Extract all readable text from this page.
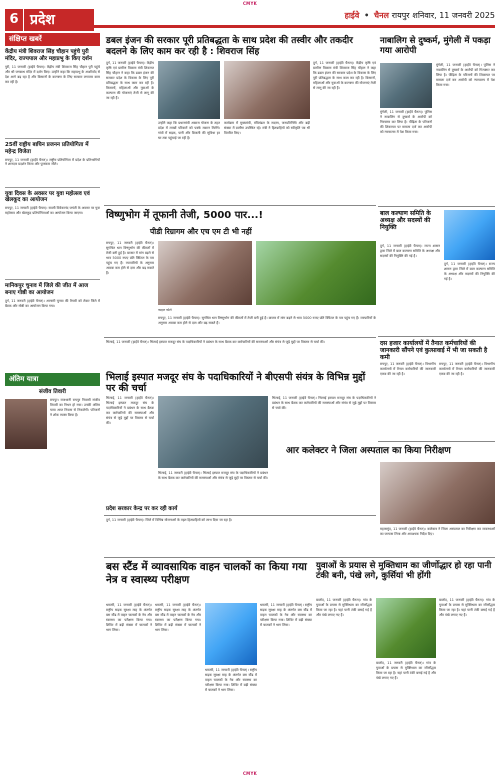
CMYK
6 प्रदेश	हाईवे • चैनल रायपुर शनिवार, 11 जनवरी 2025
संक्षिप्त खबरें
केंद्रीय मंत्री शिवराज सिंह चौहान पहुंचे पुरी मंदिर, राज्यपाल और महाप्रभु के किए दर्शन
पुरी, 11 जनवरी (हाईवे चैनल)। केंद्रीय मंत्री शिवराज सिंह चौहान पुरी पहुंचे और श्री जगन्नाथ मंदिर में दर्शन किए। उन्होंने कहा कि महाप्रभु के आशीर्वाद से देश आगे बढ़ रहा है और किसानों के कल्याण के लिए सरकार लगातार काम कर रही है।
25वीं राष्ट्रीय बाघिन प्रजनन प्रतियोगिता में महेन्द्र विजेता
रायपुर, 11 जनवरी (हाईवे चैनल)। राष्ट्रीय प्रतियोगिता में प्रदेश के प्रतिभागियों ने शानदार प्रदर्शन किया और पुरस्कार जीते।
युवा दिवस के अवसर पर युवा महोत्सव एवं खेलकूद का आयोजन
रायपुर, 11 जनवरी (हाईवे चैनल)। स्वामी विवेकानंद जयंती के अवसर पर युवा महोत्सव और खेलकूद प्रतियोगिताओं का आयोजन किया जाएगा।
मानिकपुर चुनाव में जिले की जीत में आज बनाए गोष्ठी का आयोजन
दुर्ग, 11 जनवरी (हाईवे चैनल)। आगामी चुनाव की तैयारी को लेकर जिले में बैठक और गोष्ठी का आयोजन किया गया।
अंतिम यात्रा
संजीव तिवारी
रायपुर। राजधानी रायपुर निवासी संजीव तिवारी का निधन हो गया। उनकी अंतिम यात्रा आज निवास से निकलेगी। परिजनों ने शोक व्यक्त किया है।
डबल इंजन की सरकार पूरी प्रतिबद्धता के साथ प्रदेश की तस्वीर और तकदीर बदलने के लिए काम कर रही है : शिवराज सिंह
दुर्ग, 11 जनवरी (हाईवे चैनल)। केंद्रीय कृषि एवं ग्रामीण विकास मंत्री शिवराज सिंह चौहान ने कहा कि डबल इंजन की सरकार प्रदेश के विकास के लिए पूरी प्रतिबद्धता के साथ काम कर रही है। किसानों, महिलाओं और युवाओं के कल्याण की योजनाएं तेजी से लागू की जा रही हैं।
उन्होंने कहा कि प्रधानमंत्री आवास योजना के तहत प्रदेश में लाखों परिवारों को पक्के मकान मिलेंगे। गांवों में सड़क, पानी और बिजली की सुविधा हर घर तक पहुंचाई जा रही है।
कार्यक्रम में मुख्यमंत्री, मंत्रिमंडल के सदस्य, जनप्रतिनिधि और बड़ी संख्या में ग्रामीण उपस्थित रहे। मंत्री ने हितग्राहियों को स्वीकृति पत्र भी वितरित किए।
दुर्ग, 11 जनवरी (हाईवे चैनल)। केंद्रीय कृषि एवं ग्रामीण विकास मंत्री शिवराज सिंह चौहान ने कहा कि डबल इंजन की सरकार प्रदेश के विकास के लिए पूरी प्रतिबद्धता के साथ काम कर रही है। किसानों, महिलाओं और युवाओं के कल्याण की योजनाएं तेजी से लागू की जा रही हैं।
नाबालिग से दुष्कर्म, मुंगेली में पकड़ा गया आरोपी
मुंगेली, 11 जनवरी (हाईवे चैनल)। पुलिस ने नाबालिग से दुष्कर्म के आरोपी को गिरफ्तार कर लिया है। पीड़िता के परिजनों की शिकायत पर मामला दर्ज कर आरोपी को न्यायालय में पेश किया गया।
मुंगेली, 11 जनवरी (हाईवे चैनल)। पुलिस ने नाबालिग से दुष्कर्म के आरोपी को गिरफ्तार कर लिया है। पीड़िता के परिजनों की शिकायत पर मामला दर्ज कर आरोपी को न्यायालय में पेश किया गया।
विष्णुभोग में तूफानी तेजी, 5000 पार...!
पीडी रिग्रागम और एच एम टी भी नहीं
रायपुर, 11 जनवरी (हाईवे चैनल)। सुगंधित धान विष्णुभोग की कीमतों में तेजी बनी हुई है। बाजार में मांग बढ़ने से भाव 5000 रुपए प्रति क्विंटल के पार पहुंच गए हैं। व्यापारियों के अनुसार आवक कम होने से दाम और बढ़ सकते हैं।
फाइल फोटो
रायपुर, 11 जनवरी (हाईवे चैनल)। सुगंधित धान विष्णुभोग की कीमतों में तेजी बनी हुई है। बाजार में मांग बढ़ने से भाव 5000 रुपए प्रति क्विंटल के पार पहुंच गए हैं। व्यापारियों के अनुसार आवक कम होने से दाम और बढ़ सकते हैं।
बाल कल्याण समिति के अध्यक्ष और सदस्यों की नियुक्ति
दुर्ग, 11 जनवरी (हाईवे चैनल)। राज्य शासन द्वारा जिले में बाल कल्याण समिति के अध्यक्ष और सदस्यों की नियुक्ति की गई है।
दुर्ग, 11 जनवरी (हाईवे चैनल)। राज्य शासन द्वारा जिले में बाल कल्याण समिति के अध्यक्ष और सदस्यों की नियुक्ति की गई है।
दस हजार कार्यालयों में तैनात कर्मचारियों की जानकारी सौंपने एवं कुत्सावाई में भी जा सकती है कमी
रायपुर, 11 जनवरी (हाईवे चैनल)। विभागीय कार्यालयों में तैनात कर्मचारियों की जानकारी एकत्र की जा रही है।
रायपुर, 11 जनवरी (हाईवे चैनल)। विभागीय कार्यालयों में तैनात कर्मचारियों की जानकारी एकत्र की जा रही है।
भिलाई, 11 जनवरी (हाईवे चैनल)। भिलाई इस्पात मजदूर संघ के पदाधिकारियों ने प्रबंधन के साथ बैठक कर कर्मचारियों की समस्याओं और संयंत्र से जुड़े मुद्दों पर विस्तार से चर्चा की।
भिलाई इस्पात मजदूर संघ के पदाधिकारियों ने बीएसपी संयंत्र के विभिन्न मुद्दों पर की चर्चा
भिलाई, 11 जनवरी (हाईवे चैनल)। भिलाई इस्पात मजदूर संघ के पदाधिकारियों ने प्रबंधन के साथ बैठक कर कर्मचारियों की समस्याओं और संयंत्र से जुड़े मुद्दों पर विस्तार से चर्चा की।
भिलाई, 11 जनवरी (हाईवे चैनल)। भिलाई इस्पात मजदूर संघ के पदाधिकारियों ने प्रबंधन के साथ बैठक कर कर्मचारियों की समस्याओं और संयंत्र से जुड़े मुद्दों पर विस्तार से चर्चा की।
भिलाई, 11 जनवरी (हाईवे चैनल)। भिलाई इस्पात मजदूर संघ के पदाधिकारियों ने प्रबंधन के साथ बैठक कर कर्मचारियों की समस्याओं और संयंत्र से जुड़े मुद्दों पर विस्तार से चर्चा की।
प्रदेश सरकार केन्द्र पर कर रही कार्य
आर कलेक्टर ने जिला अस्पताल का किया निरीक्षण
महासमुंद, 11 जनवरी (हाईवे चैनल)। कलेक्टर ने जिला अस्पताल का निरीक्षण कर व्यवस्थाओं का जायजा लिया और आवश्यक निर्देश दिए।
दुर्ग, 11 जनवरी (हाईवे चैनल)। जिले में विभिन्न योजनाओं के तहत हितग्राहियों को लाभ दिया जा रहा है।
बस स्टैंड में व्यावसायिक वाहन चालकों का किया गया नेत्र व स्वास्थ्य परीक्षण
धमतरी, 11 जनवरी (हाईवे चैनल)। राष्ट्रीय सड़क सुरक्षा माह के अंतर्गत बस स्टैंड में वाहन चालकों के नेत्र और स्वास्थ्य का परीक्षण किया गया। शिविर में बड़ी संख्या में चालकों ने भाग लिया।
धमतरी, 11 जनवरी (हाईवे चैनल)। राष्ट्रीय सड़क सुरक्षा माह के अंतर्गत बस स्टैंड में वाहन चालकों के नेत्र और स्वास्थ्य का परीक्षण किया गया। शिविर में बड़ी संख्या में चालकों ने भाग लिया।
धमतरी, 11 जनवरी (हाईवे चैनल)। राष्ट्रीय सड़क सुरक्षा माह के अंतर्गत बस स्टैंड में वाहन चालकों के नेत्र और स्वास्थ्य का परीक्षण किया गया। शिविर में बड़ी संख्या में चालकों ने भाग लिया।
धमतरी, 11 जनवरी (हाईवे चैनल)। राष्ट्रीय सड़क सुरक्षा माह के अंतर्गत बस स्टैंड में वाहन चालकों के नेत्र और स्वास्थ्य का परीक्षण किया गया। शिविर में बड़ी संख्या में चालकों ने भाग लिया।
युवाओं के प्रयास से मुक्तिधाम का जीर्णोद्धार हो रहा पानी टंकी बनी, पंखे लगे, कुर्सियां भी होंगी
बालोद, 11 जनवरी (हाईवे चैनल)। गांव के युवाओं के प्रयास से मुक्तिधाम का जीर्णोद्धार किया जा रहा है। यहां पानी टंकी बनाई गई है और पंखे लगाए गए हैं।
बालोद, 11 जनवरी (हाईवे चैनल)। गांव के युवाओं के प्रयास से मुक्तिधाम का जीर्णोद्धार किया जा रहा है। यहां पानी टंकी बनाई गई है और पंखे लगाए गए हैं।
बालोद, 11 जनवरी (हाईवे चैनल)। गांव के युवाओं के प्रयास से मुक्तिधाम का जीर्णोद्धार किया जा रहा है। यहां पानी टंकी बनाई गई है और पंखे लगाए गए हैं।
CMYK
